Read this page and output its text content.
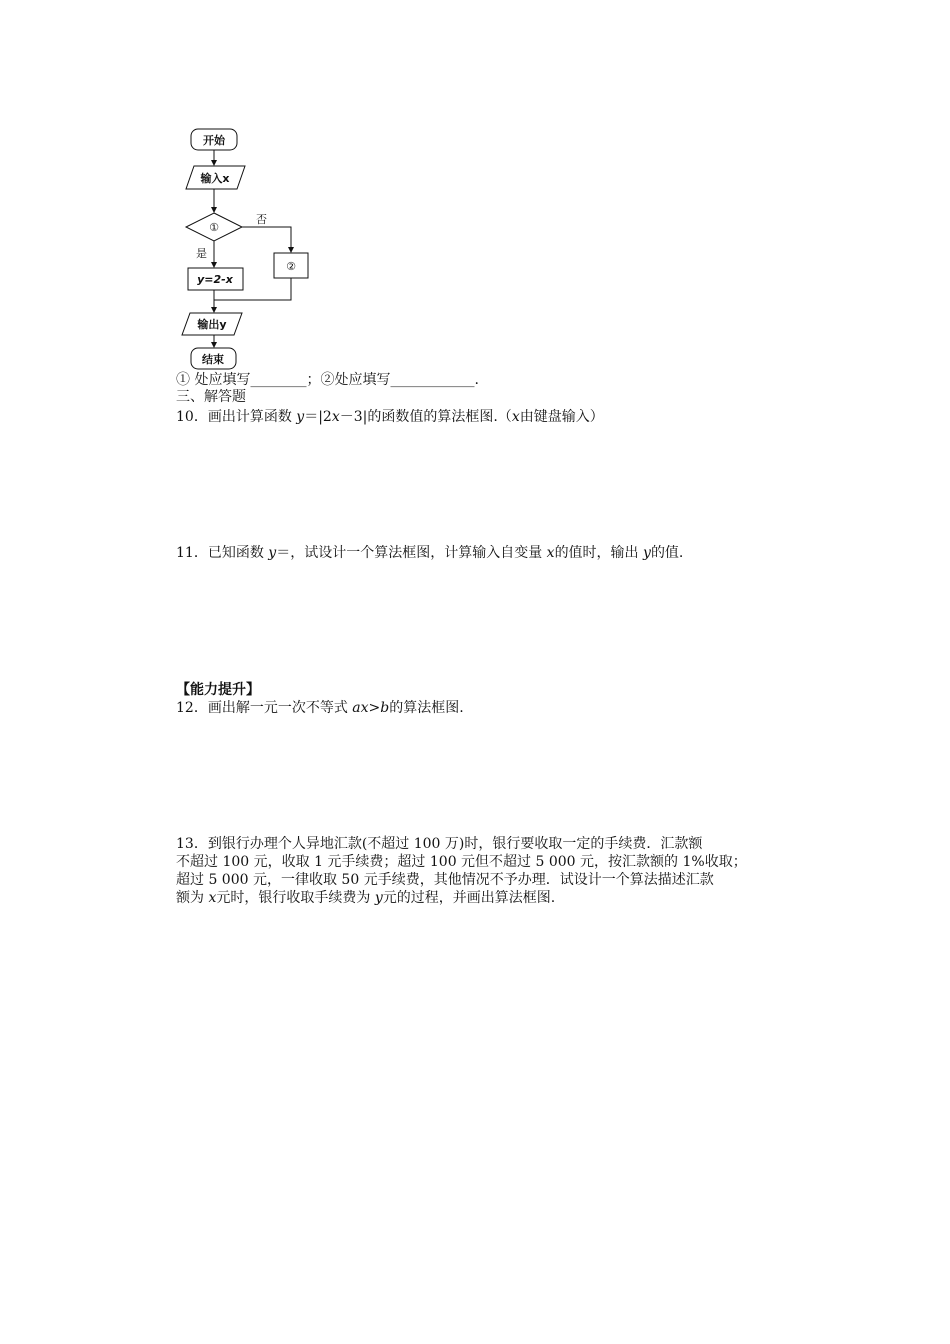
开始
输入x
①
否
是
y=2-x
②
输出y
结束

① 处应填写________；②处应填写____________.

三、解答题

10．画出计算函数 y＝|2x－3|的函数值的算法框图.（x由键盘输入）

11．已知函数 y＝，试设计一个算法框图，计算输入自变量 x的值时，输出 y的值.

【能力提升】

12．画出解一元一次不等式 ax>b的算法框图.

13．到银行办理个人异地汇款(不超过 100 万)时，银行要收取一定的手续费．汇款额

不超过 100 元，收取 1 元手续费；超过 100 元但不超过 5 000 元，按汇款额的 1%收取；

超过 5 000 元，一律收取 50 元手续费，其他情况不予办理．试设计一个算法描述汇款

额为 x元时，银行收取手续费为 y元的过程，并画出算法框图.
